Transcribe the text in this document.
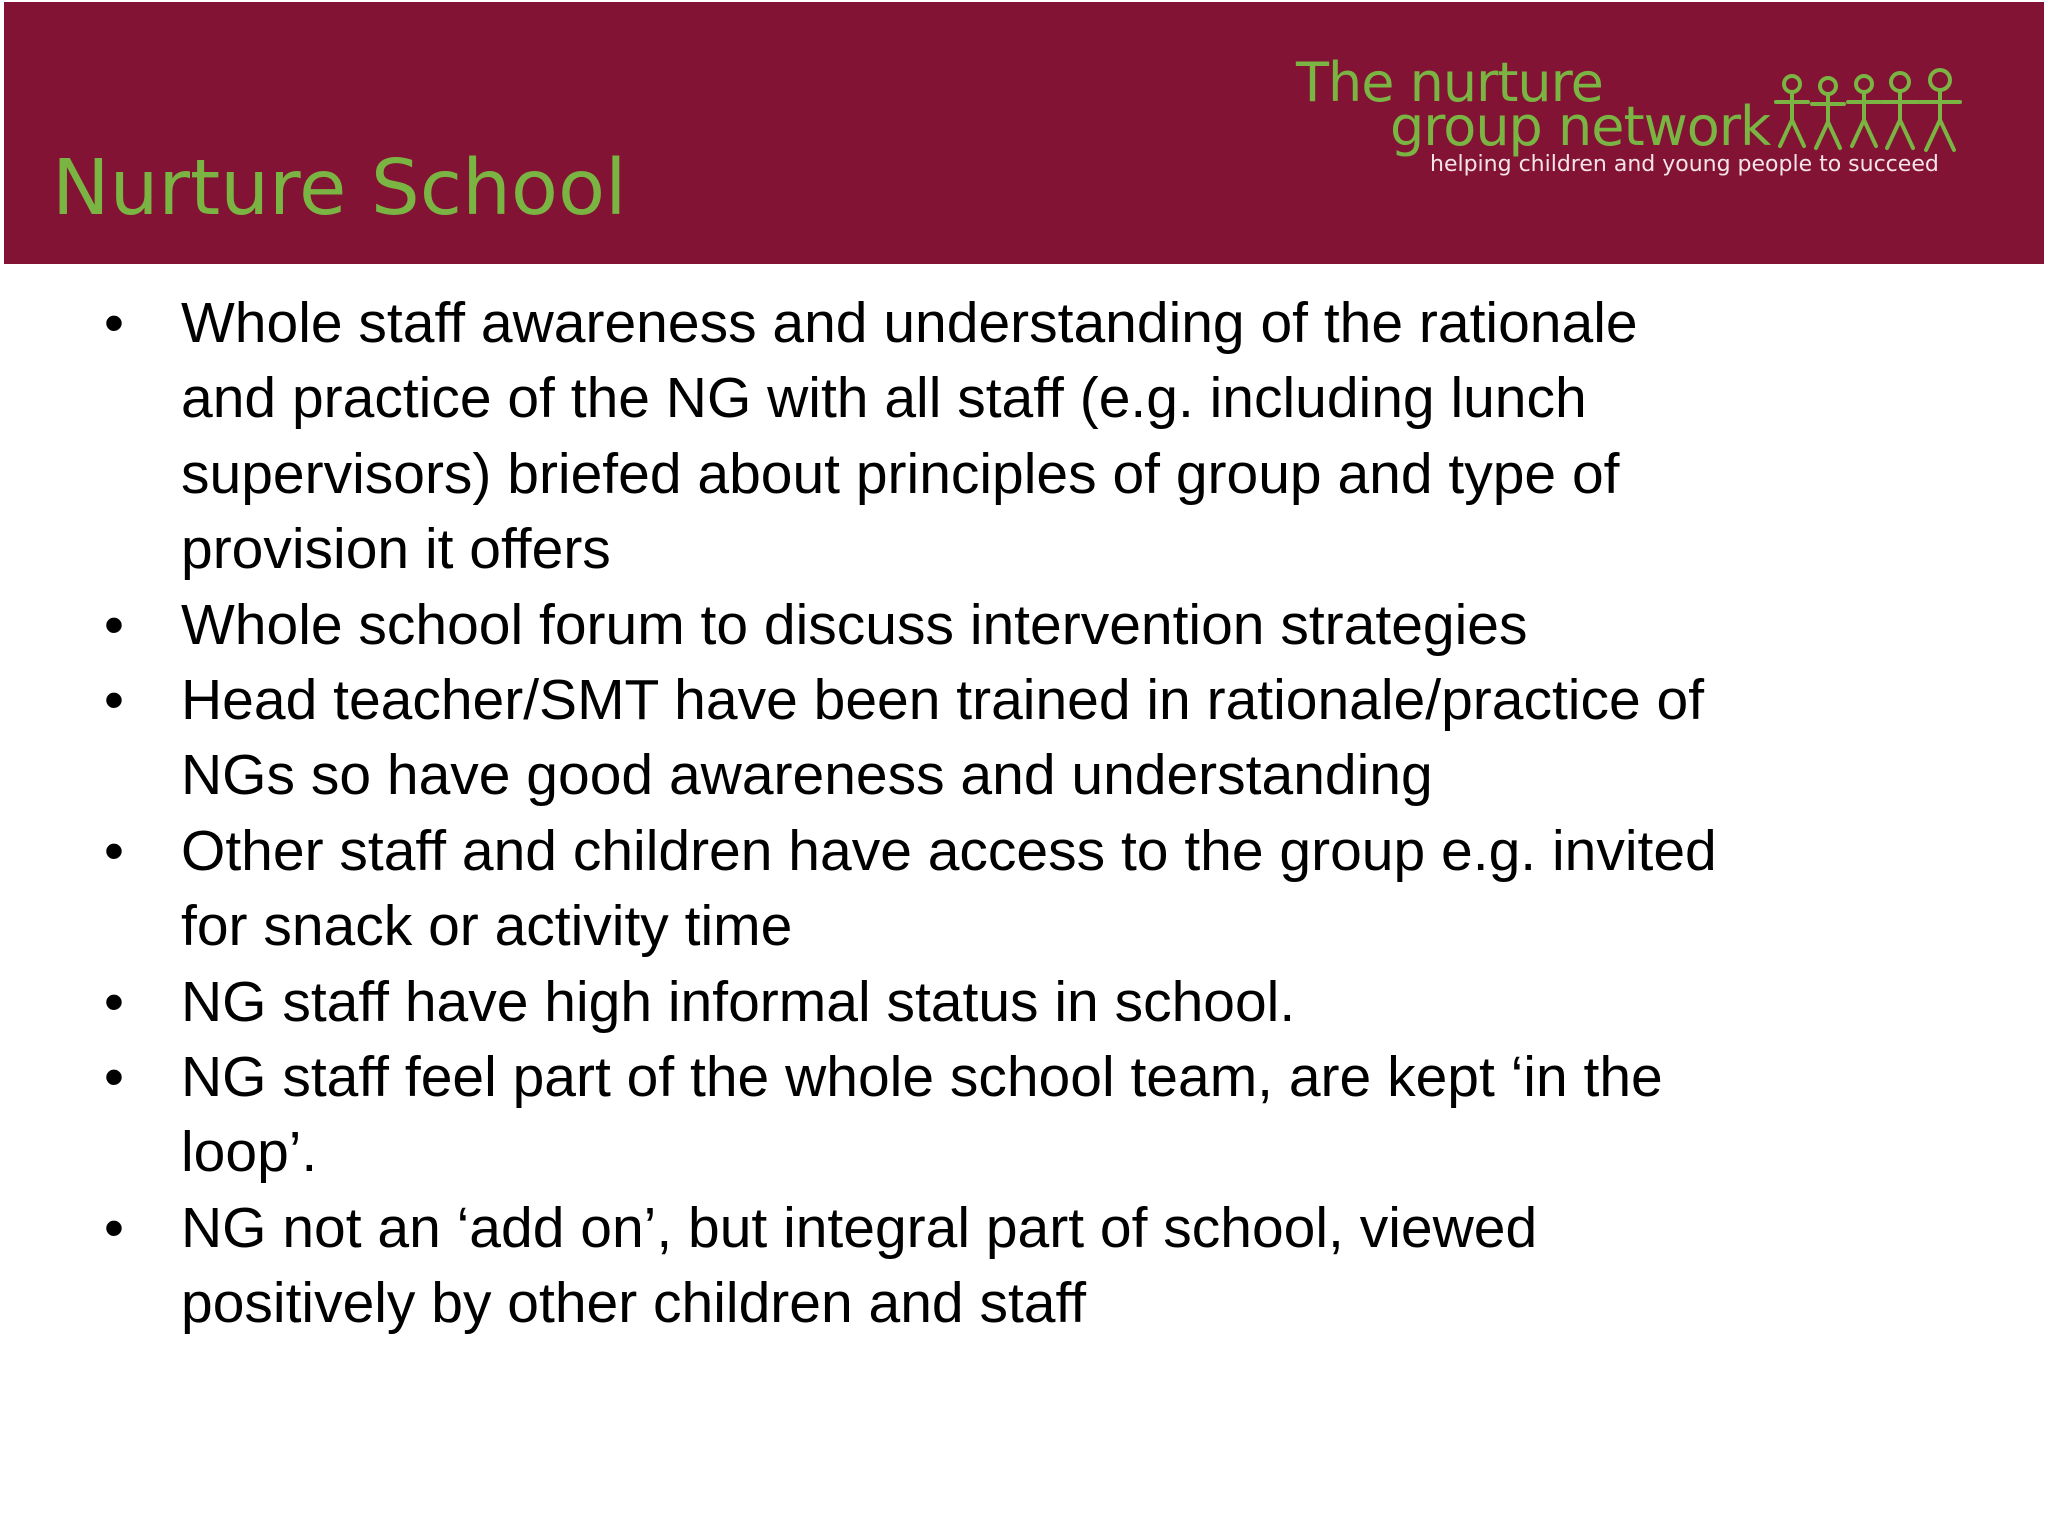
Nurture School
The nurture
group network
helping children and young people to succeed
• Whole staff awareness and understanding of the rationale
and practice of the NG with all staff (e.g. including lunch
supervisors) briefed about principles of group and type of
provision it offers
• Whole school forum to discuss intervention strategies
• Head teacher/SMT have been trained in rationale/practice of
NGs so have good awareness and understanding
• Other staff and children have access to the group e.g. invited
for snack or activity time
• NG staff have high informal status in school.
• NG staff feel part of the whole school team, are kept ‘in the
loop’.
• NG not an ‘add on’, but integral part of school, viewed
positively by other children and staff
